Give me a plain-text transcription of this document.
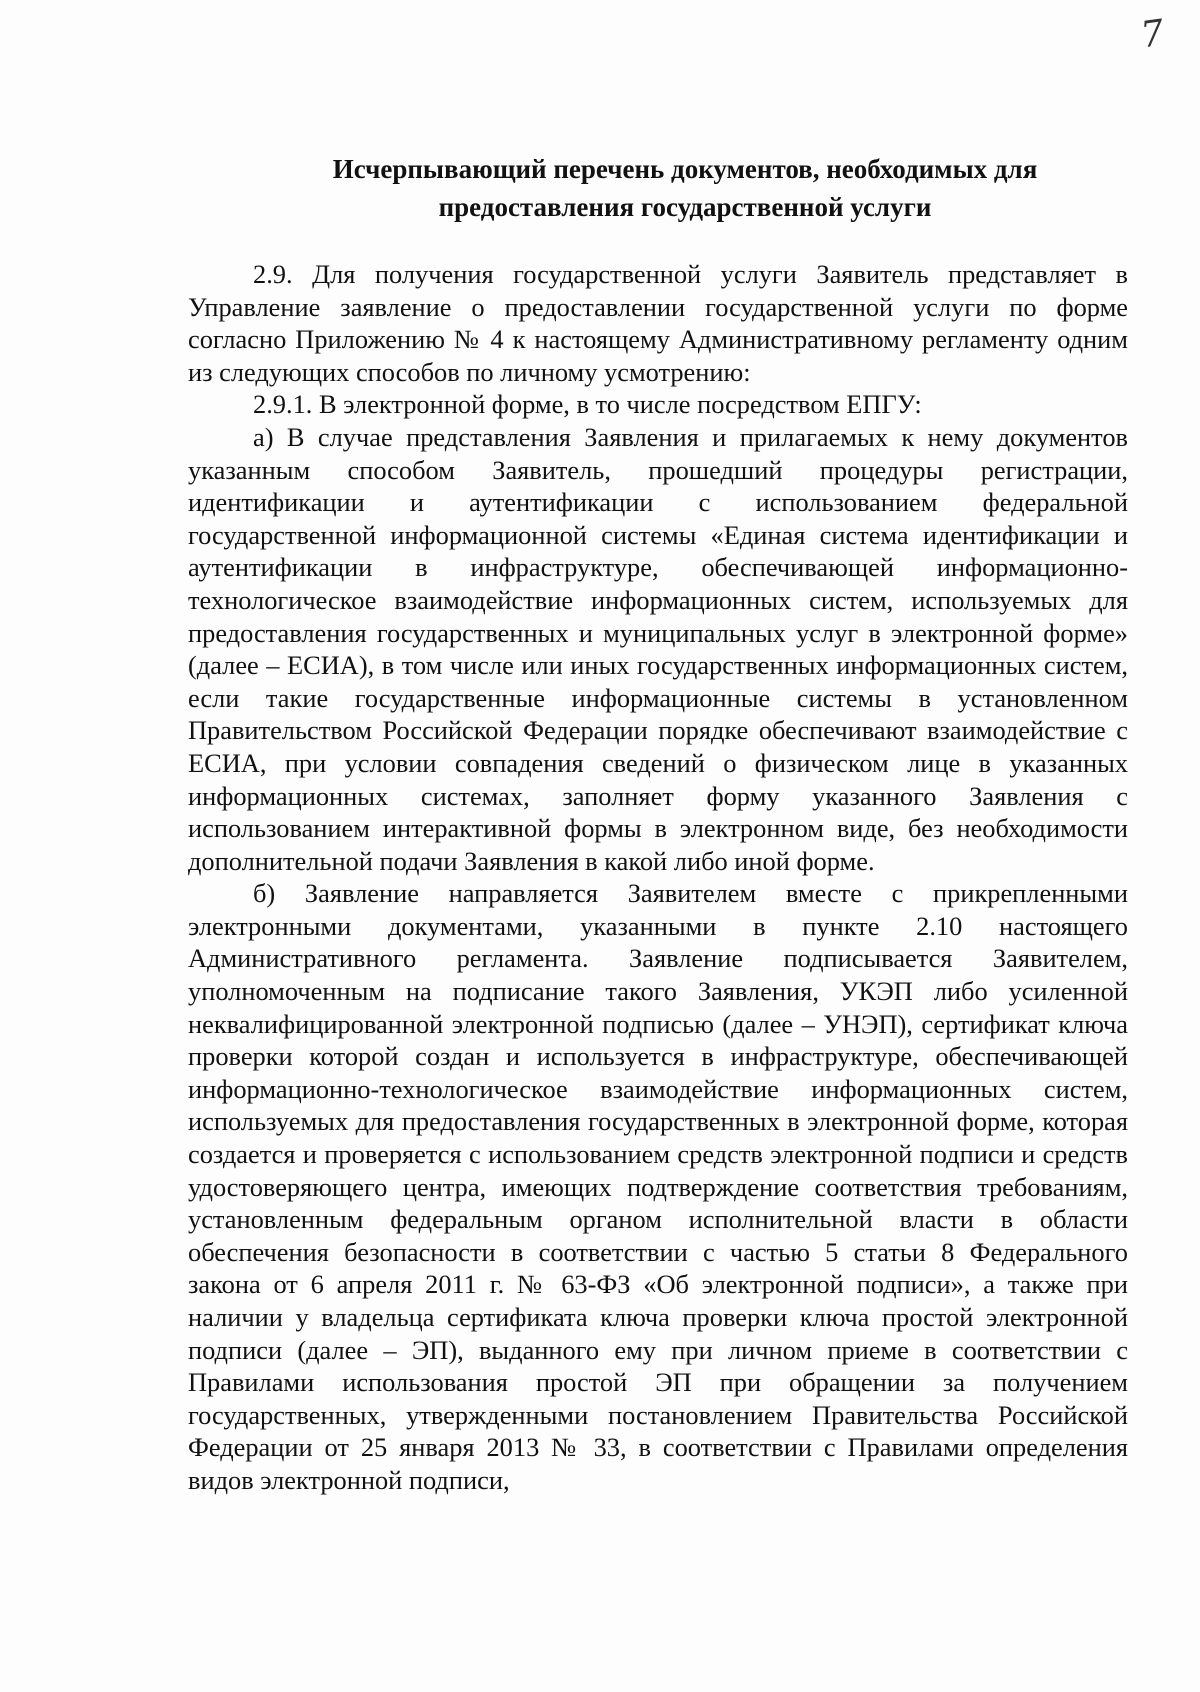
7
Исчерпывающий перечень документов, необходимых для
предоставления государственной услуги

2.9. Для получения государственной услуги Заявитель представляет в Управление заявление о предоставлении государственной услуги по форме согласно Приложению № 4 к настоящему Административному регламенту одним из следующих способов по личному усмотрению:

2.9.1. В электронной форме, в то числе посредством ЕПГУ:

а) В случае представления Заявления и прилагаемых к нему документов указанным способом Заявитель, прошедший процедуры регистрации, идентификации и аутентификации с использованием федеральной государственной информационной системы «Единая система идентификации и аутентификации в инфраструктуре, обеспечивающей информационно-технологическое взаимодействие информационных систем, используемых для предоставления государственных и муниципальных услуг в электронной форме» (далее – ЕСИА), в том числе или иных государственных информационных систем, если такие государственные информационные системы в установленном Правительством Российской Федерации порядке обеспечивают взаимодействие с ЕСИА, при условии совпадения сведений о физическом лице в указанных информационных системах, заполняет форму указанного Заявления с использованием интерактивной формы в электронном виде, без необходимости дополнительной подачи Заявления в какой либо иной форме.

б) Заявление направляется Заявителем вместе с прикрепленными электронными документами, указанными в пункте 2.10 настоящего Административного регламента. Заявление подписывается Заявителем, уполномоченным на подписание такого Заявления, УКЭП либо усиленной неквалифицированной электронной подписью (далее – УНЭП), сертификат ключа проверки которой создан и используется в инфраструктуре, обеспечивающей информационно-технологическое взаимодействие информационных систем, используемых для предоставления государственных в электронной форме, которая создается и проверяется с использованием средств электронной подписи и средств удостоверяющего центра, имеющих подтверждение соответствия требованиям, установленным федеральным органом исполнительной власти в области обеспечения безопасности в соответствии с частью 5 статьи 8 Федерального закона от 6 апреля 2011 г. № 63-ФЗ «Об электронной подписи», а также при наличии у владельца сертификата ключа проверки ключа простой электронной подписи (далее – ЭП), выданного ему при личном приеме в соответствии с Правилами использования простой ЭП при обращении за получением государственных, утвержденными постановлением Правительства Российской Федерации от 25 января 2013 № 33, в соответствии с Правилами определения видов электронной подписи,
